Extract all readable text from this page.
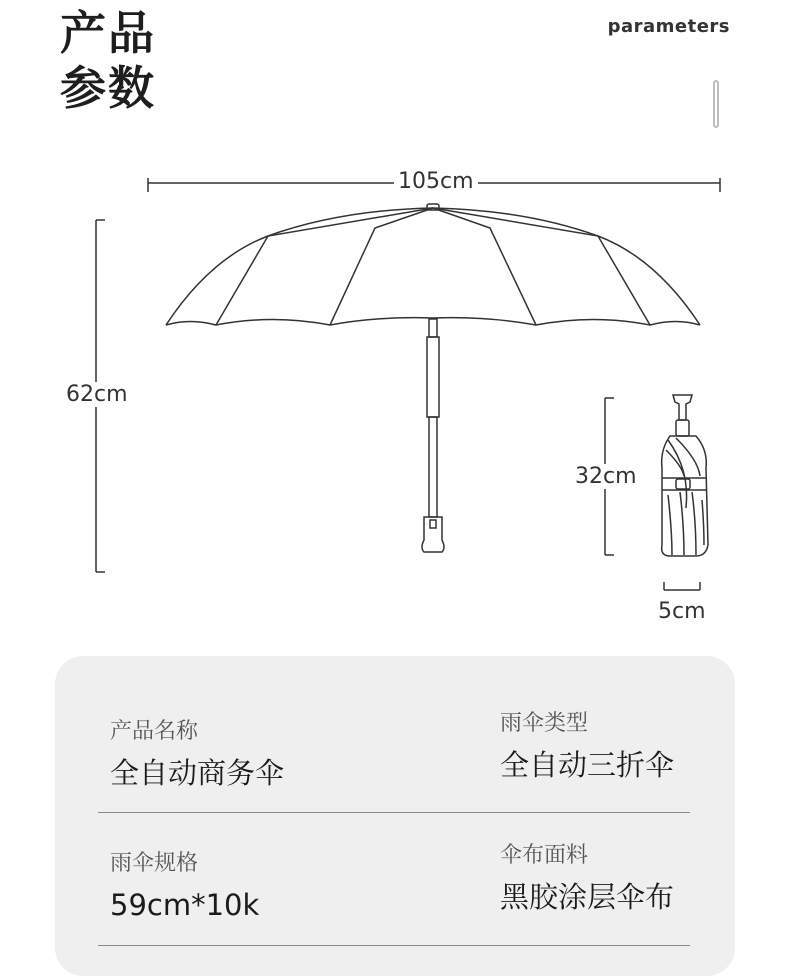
产品
参数
parameters
105cm
62cm
32cm
5cm
产品名称
全自动商务伞
雨伞类型
全自动三折伞
雨伞规格
59cm*10k
伞布面料
黑胶涂层伞布
